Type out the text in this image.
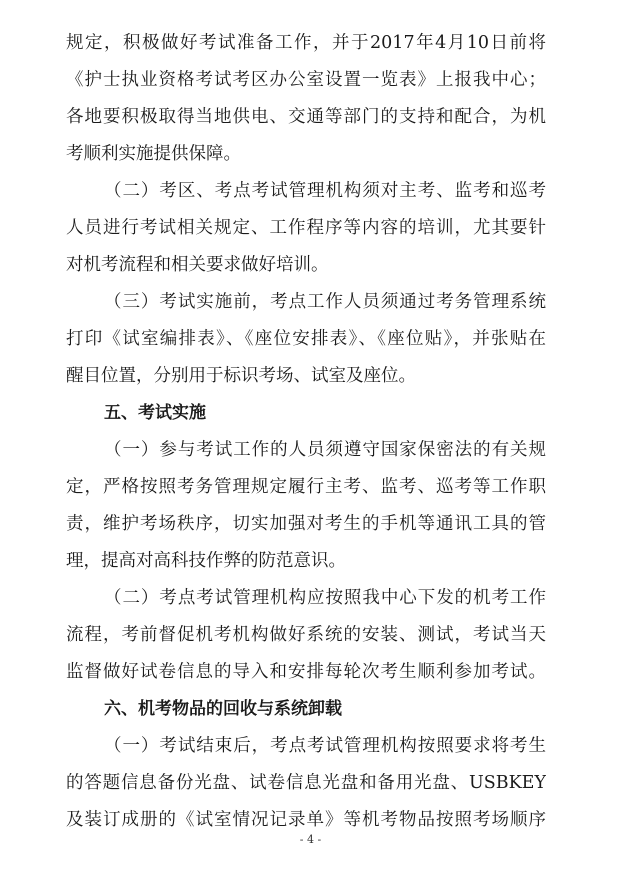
规定，积极做好考试准备工作，并于2017年4月10日前将
《护士执业资格考试考区办公室设置一览表》上报我中心；
各地要积极取得当地供电、交通等部门的支持和配合，为机
考顺利实施提供保障。
（二）考区、考点考试管理机构须对主考、监考和巡考
人员进行考试相关规定、工作程序等内容的培训，尤其要针
对机考流程和相关要求做好培训。
（三）考试实施前，考点工作人员须通过考务管理系统
打印《试室编排表》、《座位安排表》、《座位贴》，并张贴在
醒目位置，分别用于标识考场、试室及座位。
五、考试实施
（一）参与考试工作的人员须遵守国家保密法的有关规
定，严格按照考务管理规定履行主考、监考、巡考等工作职
责，维护考场秩序，切实加强对考生的手机等通讯工具的管
理，提高对高科技作弊的防范意识。
（二）考点考试管理机构应按照我中心下发的机考工作
流程，考前督促机考机构做好系统的安装、测试，考试当天
监督做好试卷信息的导入和安排每轮次考生顺利参加考试。
六、机考物品的回收与系统卸载
（一）考试结束后，考点考试管理机构按照要求将考生
的答题信息备份光盘、试卷信息光盘和备用光盘、USBKEY
及装订成册的《试室情况记录单》等机考物品按照考场顺序
- 4 -
